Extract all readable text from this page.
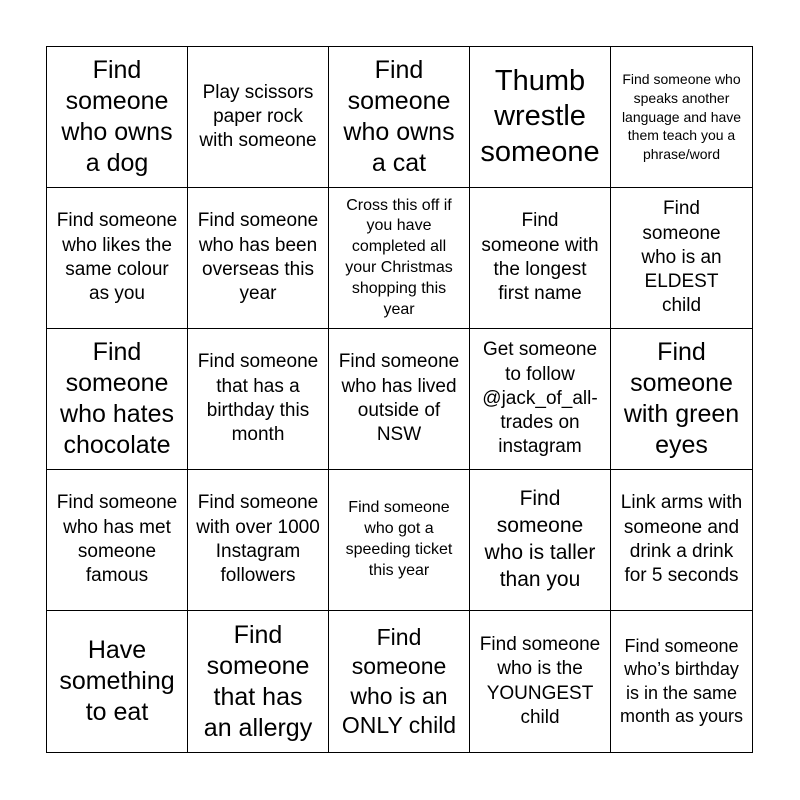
Find someone who owns a dog
Play scissors paper rock with someone
Find someone who owns a cat
Thumb wrestle someone
Find someone who speaks another language and have them teach you a phrase/word
Find someone who likes the same colour as you
Find someone who has been overseas this year
Cross this off if you have completed all your Christmas shopping this year
Find someone with the longest first name
Find someone who is an ELDEST child
Find someone who hates chocolate
Find someone that has a birthday this month
Find someone who has lived outside of NSW
Get someone to follow @jack_of_all-trades on instagram
Find someone with green eyes
Find someone who has met someone famous
Find someone with over 1000 Instagram followers
Find someone who got a speeding ticket this year
Find someone who is taller than you
Link arms with someone and drink a drink for 5 seconds
Have something to eat
Find someone that has an allergy
Find someone who is an ONLY child
Find someone who is the YOUNGEST child
Find someone who’s birthday is in the same month as yours
